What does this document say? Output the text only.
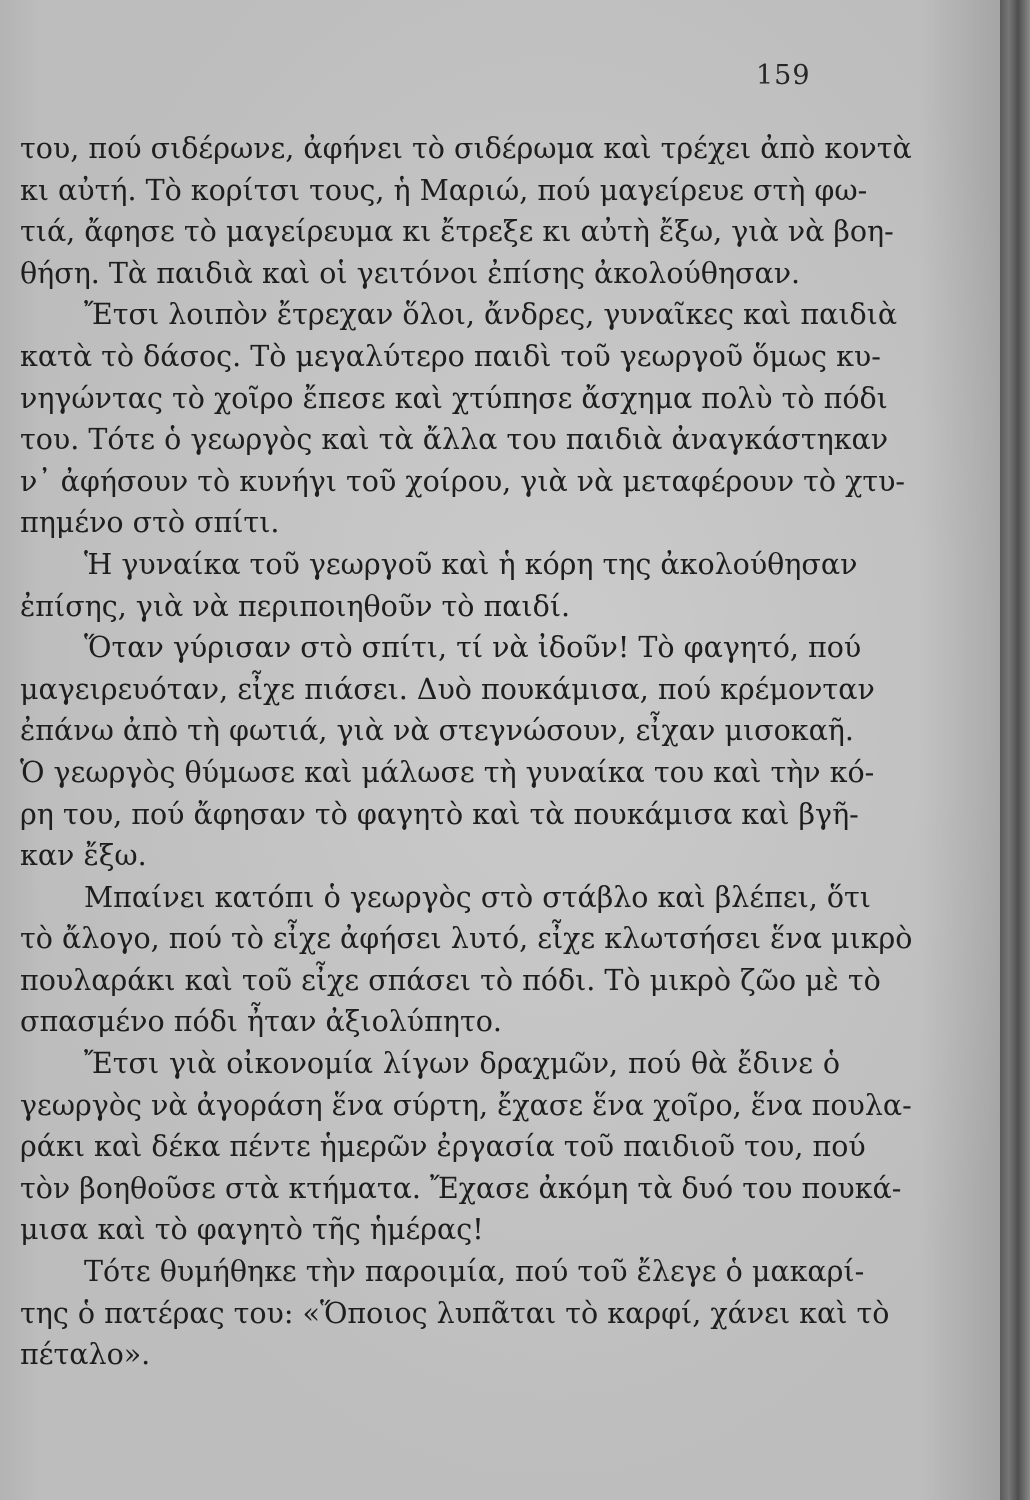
159
του, πού σιδέρωνε, ἀφήνει τὸ σιδέρωμα καὶ τρέχει ἀπὸ κοντὰ
κι αὐτή. Τὸ κορίτσι τους, ἡ Μαριώ, πού μαγείρευε στὴ φω-
τιά, ἄφησε τὸ μαγείρευμα κι ἔτρεξε κι αὐτὴ ἔξω, γιὰ νὰ βοη-
θήση. Τὰ παιδιὰ καὶ οἱ γειτόνοι ἐπίσης ἀκολούθησαν.
Ἔτσι λοιπὸν ἔτρεχαν ὅλοι, ἄνδρες, γυναῖκες καὶ παιδιὰ
κατὰ τὸ δάσος. Τὸ μεγαλύτερο παιδὶ τοῦ γεωργοῦ ὅμως κυ-
νηγώντας τὸ χοῖρο ἔπεσε καὶ χτύπησε ἄσχημα πολὺ τὸ πόδι
του. Τότε ὁ γεωργὸς καὶ τὰ ἄλλα του παιδιὰ ἀναγκάστηκαν
ν᾽ ἀφήσουν τὸ κυνήγι τοῦ χοίρου, γιὰ νὰ μεταφέρουν τὸ χτυ-
πημένο στὸ σπίτι.
Ἡ γυναίκα τοῦ γεωργοῦ καὶ ἡ κόρη της ἀκολούθησαν
ἐπίσης, γιὰ νὰ περιποιηθοῦν τὸ παιδί.
Ὅταν γύρισαν στὸ σπίτι, τί νὰ ἰδοῦν! Τὸ φαγητό, πού
μαγειρευόταν, εἶχε πιάσει. Δυὸ πουκάμισα, πού κρέμονταν
ἐπάνω ἀπὸ τὴ φωτιά, γιὰ νὰ στεγνώσουν, εἶχαν μισοκαῆ.
Ὁ γεωργὸς θύμωσε καὶ μάλωσε τὴ γυναίκα του καὶ τὴν κό-
ρη του, πού ἄφησαν τὸ φαγητὸ καὶ τὰ πουκάμισα καὶ βγῆ-
καν ἔξω.
Μπαίνει κατόπι ὁ γεωργὸς στὸ στάβλο καὶ βλέπει, ὅτι
τὸ ἄλογο, πού τὸ εἶχε ἀφήσει λυτό, εἶχε κλωτσήσει ἕνα μικρὸ
πουλαράκι καὶ τοῦ εἶχε σπάσει τὸ πόδι. Τὸ μικρὸ ζῶο μὲ τὸ
σπασμένο πόδι ἦταν ἀξιολύπητο.
Ἔτσι γιὰ οἰκονομία λίγων δραχμῶν, πού θὰ ἔδινε ὁ
γεωργὸς νὰ ἀγοράση ἕνα σύρτη, ἔχασε ἕνα χοῖρο, ἕνα πουλα-
ράκι καὶ δέκα πέντε ἡμερῶν ἐργασία τοῦ παιδιοῦ του, πού
τὸν βοηθοῦσε στὰ κτήματα. Ἔχασε ἀκόμη τὰ δυό του πουκά-
μισα καὶ τὸ φαγητὸ τῆς ἡμέρας!
Τότε θυμήθηκε τὴν παροιμία, πού τοῦ ἔλεγε ὁ μακαρί-
της ὁ πατέρας του: «Ὅποιος λυπᾶται τὸ καρφί, χάνει καὶ τὸ
πέταλο».
